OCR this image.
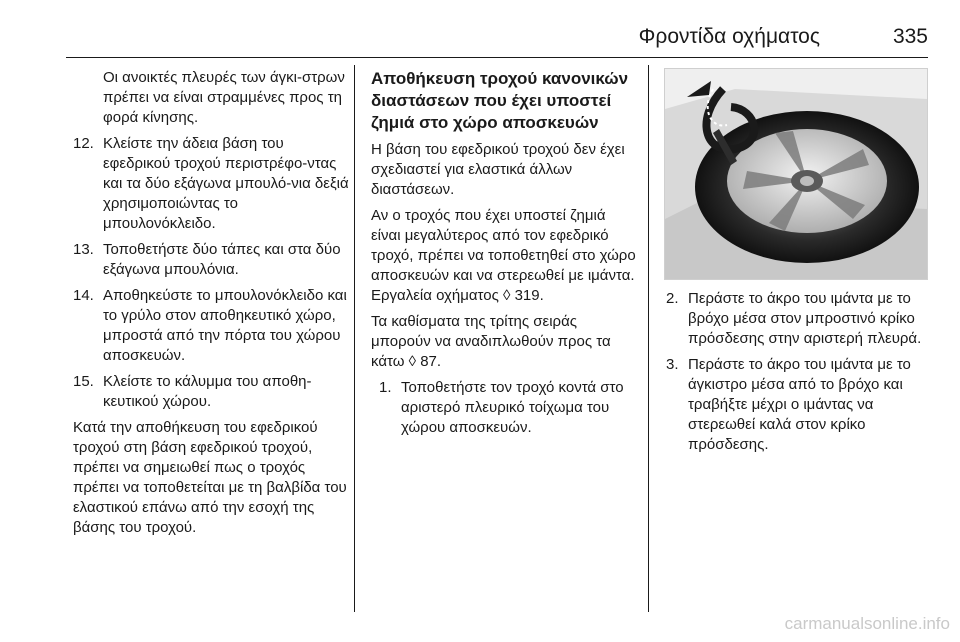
Φροντίδα οχήματος	335

Οι ανοικτές πλευρές των άγκι-στρων πρέπει να είναι στραμμένες προς τη φορά κίνησης.

12. Κλείστε την άδεια βάση του εφεδρικού τροχού περιστρέφο-ντας και τα δύο εξάγωνα μπουλό-νια δεξιά χρησιμοποιώντας το μπουλονόκλειδο.
13. Τοποθετήστε δύο τάπες και στα δύο εξάγωνα μπουλόνια.
14. Αποθηκεύστε το μπουλονόκλειδο και το γρύλο στον αποθηκευτικό χώρο, μπροστά από την πόρτα του χώρου αποσκευών.
15. Κλείστε το κάλυμμα του αποθη-κευτικού χώρου.

Κατά την αποθήκευση του εφεδρικού τροχού στη βάση εφεδρικού τροχού, πρέπει να σημειωθεί πως ο τροχός πρέπει να τοποθετείται με τη βαλβίδα του ελαστικού επάνω από την εσοχή της βάσης του τροχού.

Αποθήκευση τροχού κανονικών διαστάσεων που έχει υποστεί ζημιά στο χώρο αποσκευών

Η βάση του εφεδρικού τροχού δεν έχει σχεδιαστεί για ελαστικά άλλων διαστάσεων.

Αν ο τροχός που έχει υποστεί ζημιά είναι μεγαλύτερος από τον εφεδρικό τροχό, πρέπει να τοποθετηθεί στο χώρο αποσκευών και να στερεωθεί με ιμάντα. Εργαλεία οχήματος ◊ 319.

Τα καθίσματα της τρίτης σειράς μπορούν να αναδιπλωθούν προς τα κάτω ◊ 87.

1. Τοποθετήστε τον τροχό κοντά στο αριστερό πλευρικό τοίχωμα του χώρου αποσκευών.
2. Περάστε το άκρο του ιμάντα με το βρόχο μέσα στον μπροστινό κρίκο πρόσδεσης στην αριστερή πλευρά.
3. Περάστε το άκρο του ιμάντα με το άγκιστρο μέσα από το βρόχο και τραβήξτε μέχρι ο ιμάντας να στερεωθεί καλά στον κρίκο πρόσδεσης.
carmanualsonline.info
